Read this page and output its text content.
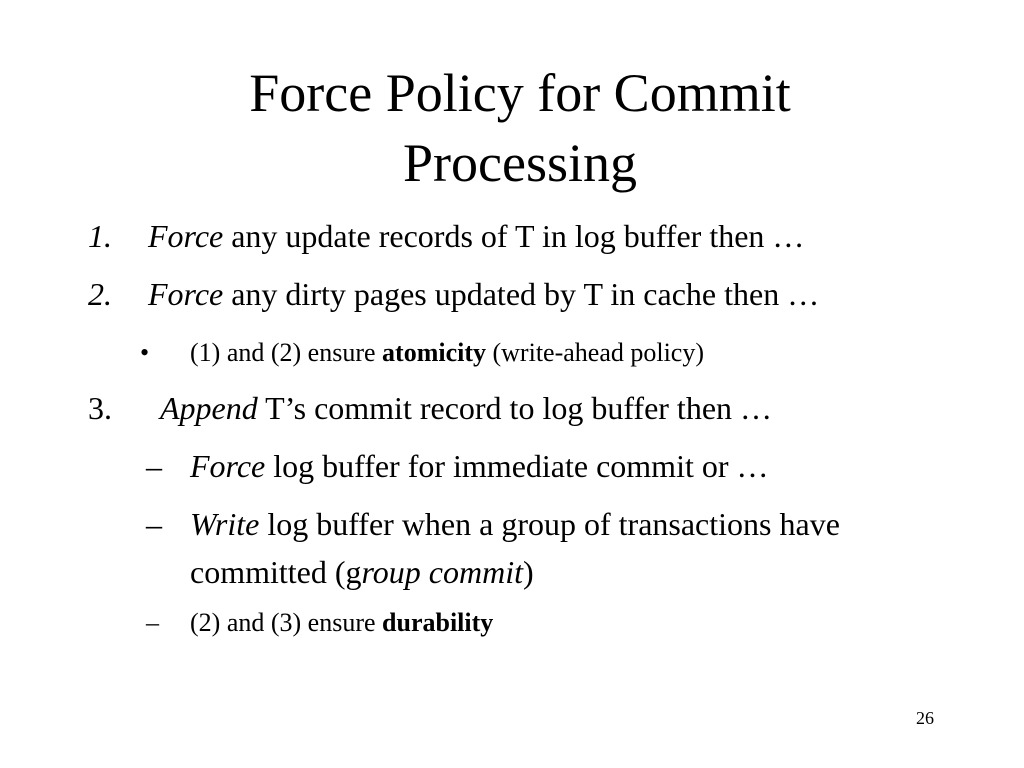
Force Policy for Commit
Processing
1. Force any update records of T in log buffer then …
2. Force any dirty pages updated by T in cache then …
• (1) and (2) ensure atomicity (write-ahead policy)
3. Append T’s commit record to log buffer then …
– Force log buffer for immediate commit or …
– Write log buffer when a group of transactions have
committed (group commit)
– (2) and (3) ensure durability
26
